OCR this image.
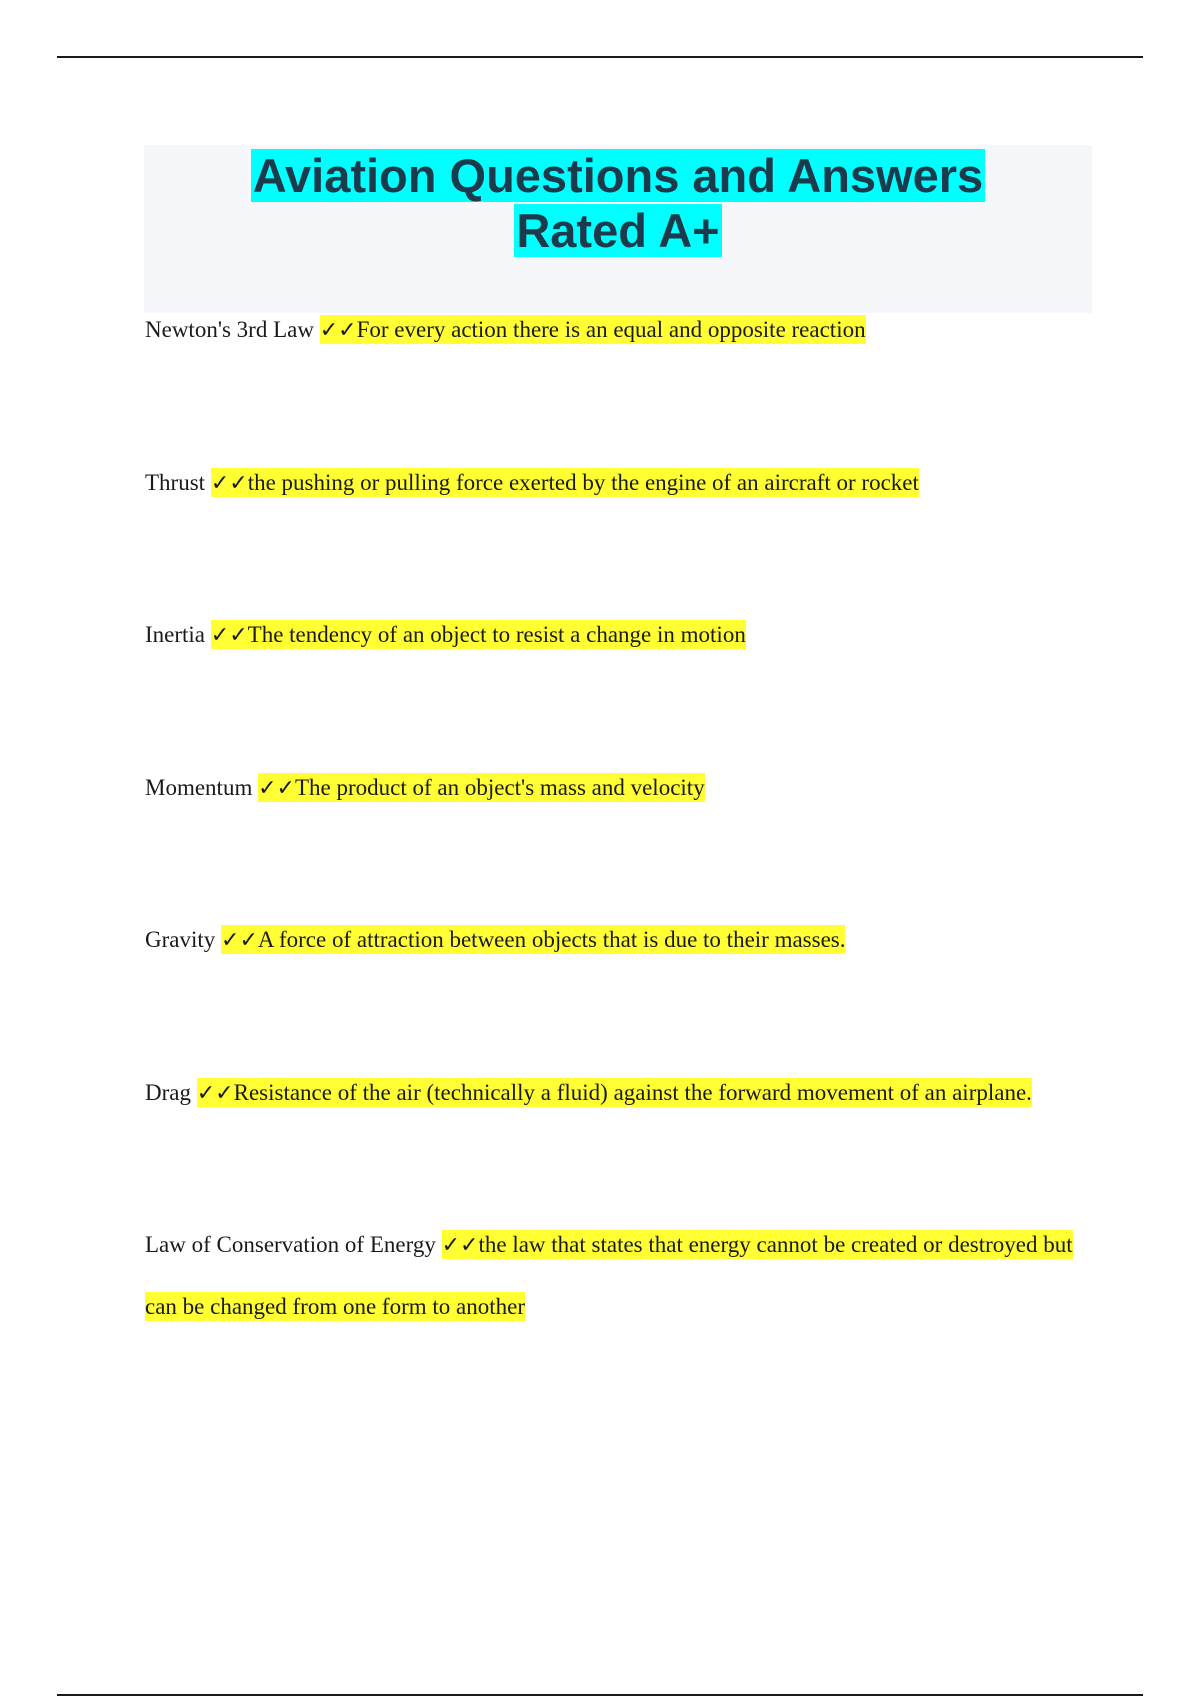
Aviation Questions and Answers
Rated A+

Newton's 3rd Law ✓✓For every action there is an equal and opposite reaction

Thrust ✓✓the pushing or pulling force exerted by the engine of an aircraft or rocket

Inertia ✓✓The tendency of an object to resist a change in motion

Momentum ✓✓The product of an object's mass and velocity

Gravity ✓✓A force of attraction between objects that is due to their masses.

Drag ✓✓Resistance of the air (technically a fluid) against the forward movement of an airplane.

Law of Conservation of Energy ✓✓the law that states that energy cannot be created or destroyed but can be changed from one form to another
